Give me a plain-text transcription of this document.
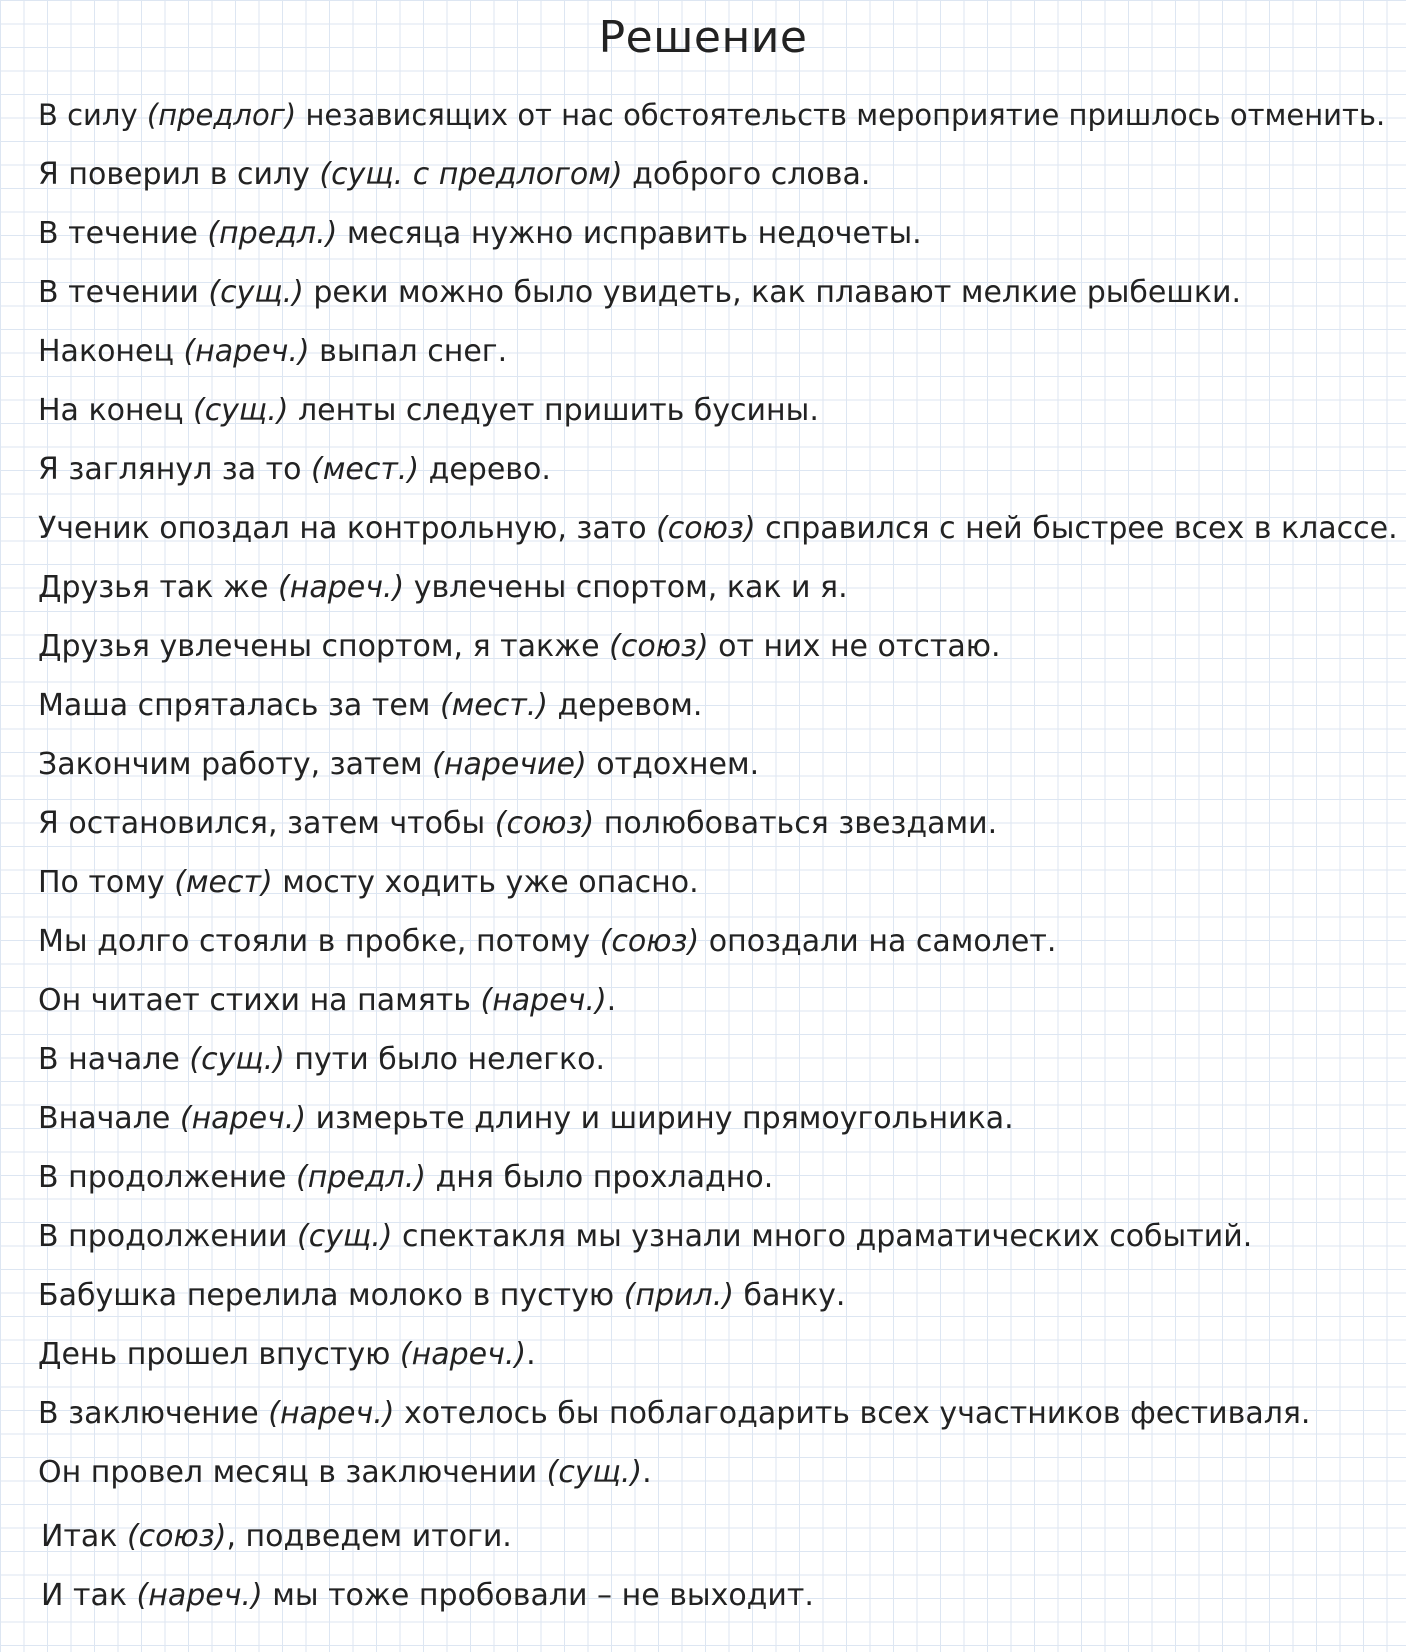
Решение
В силу (предлог) независящих от нас обстоятельств мероприятие пришлось отменить.
Я поверил в силу (сущ. с предлогом) доброго слова.
В течение (предл.) месяца нужно исправить недочеты.
В течении (сущ.) реки можно было увидеть, как плавают мелкие рыбешки.
Наконец (нареч.) выпал снег.
На конец (сущ.) ленты следует пришить бусины.
Я заглянул за то (мест.) дерево.
Ученик опоздал на контрольную, зато (союз) справился с ней быстрее всех в классе.
Друзья так же (нареч.) увлечены спортом, как и я.
Друзья увлечены спортом, я также (союз) от них не отстаю.
Маша спряталась за тем (мест.) деревом.
Закончим работу, затем (наречие) отдохнем.
Я остановился, затем чтобы (союз) полюбоваться звездами.
По тому (мест) мосту ходить уже опасно.
Мы долго стояли в пробке, потому (союз) опоздали на самолет.
Он читает стихи на память (нареч.).
В начале (сущ.) пути было нелегко.
Вначале (нареч.) измерьте длину и ширину прямоугольника.
В продолжение (предл.) дня было прохладно.
В продолжении (сущ.) спектакля мы узнали много драматических событий.
Бабушка перелила молоко в пустую (прил.) банку.
День прошел впустую (нареч.).
В заключение (нареч.) хотелось бы поблагодарить всех участников фестиваля.
Он провел месяц в заключении (сущ.).
Итак (союз), подведем итоги.
И так (нареч.) мы тоже пробовали – не выходит.
